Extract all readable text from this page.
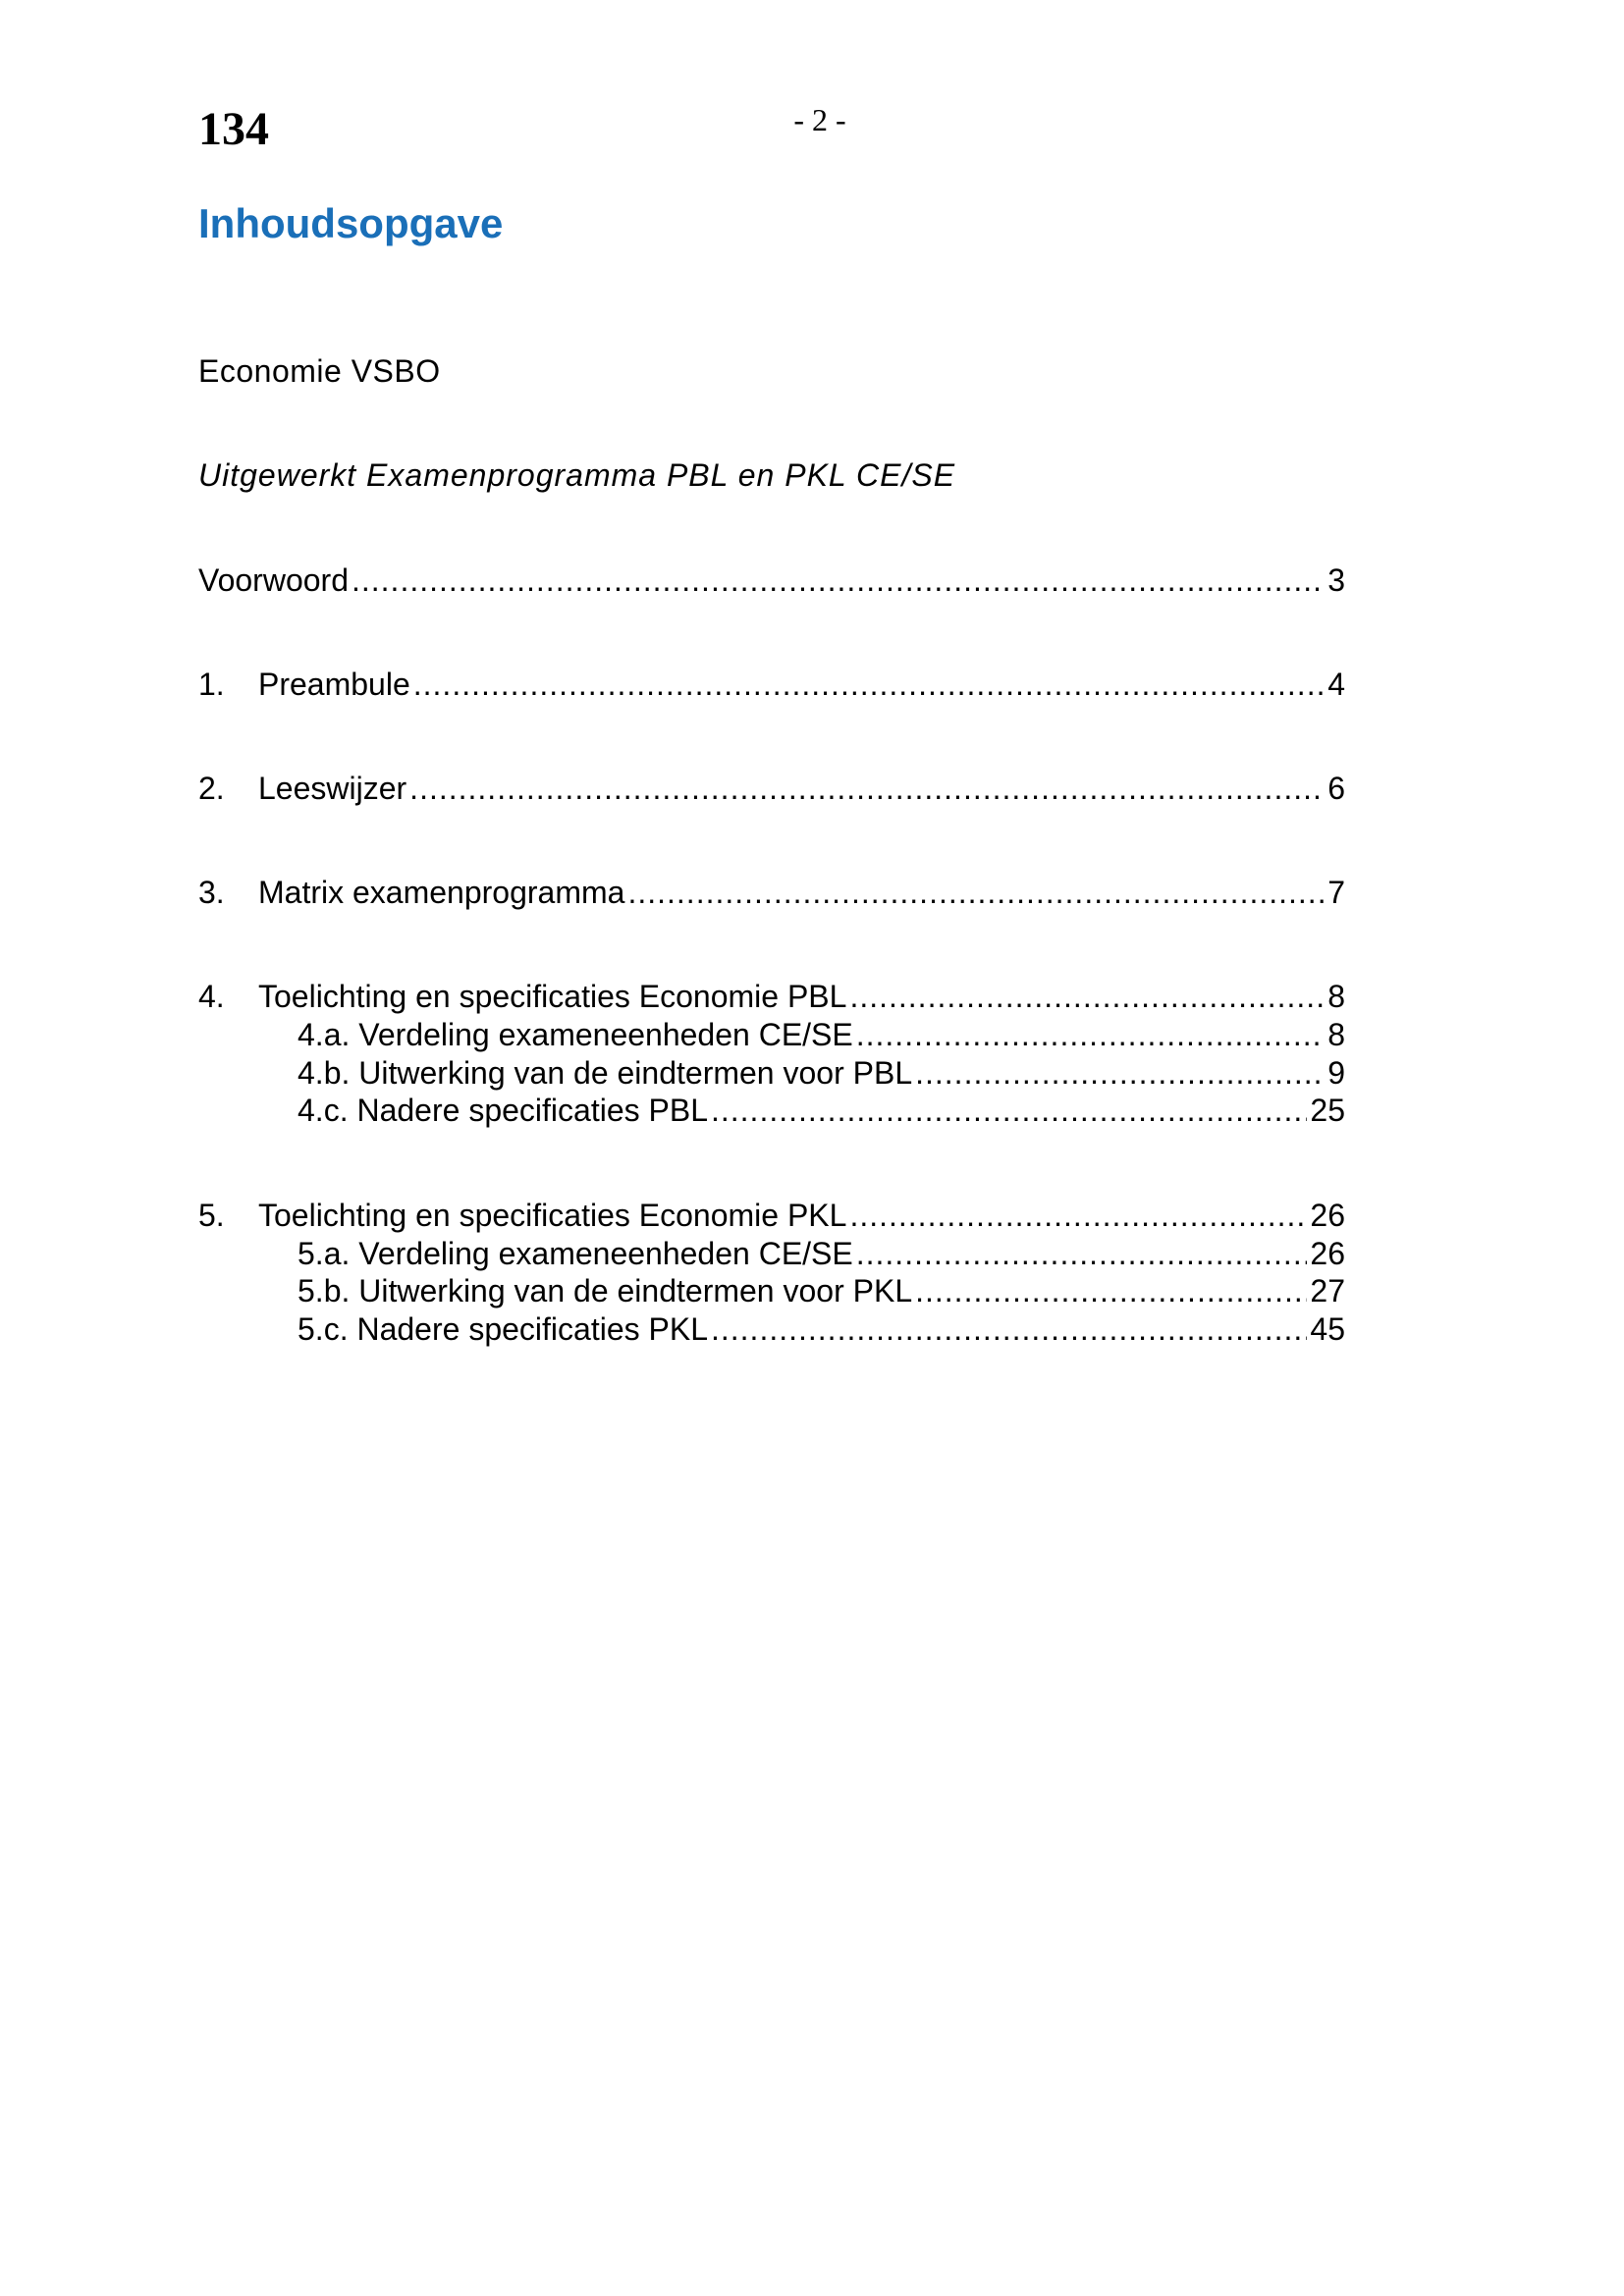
134	- 2 -
Inhoudsopgave
Economie VSBO
Uitgewerkt Examenprogramma PBL en PKL CE/SE
Voorwoord .....	3
1.	Preambule .....	4
2.	Leeswijzer .....	6
3.	Matrix examenprogramma .....	7
4.	Toelichting en specificaties Economie PBL .....	8
4.a. Verdeling exameneenheden CE/SE .....	8
4.b. Uitwerking van de eindtermen voor PBL .....	9
4.c. Nadere specificaties PBL .....	25
5.	Toelichting en specificaties Economie PKL .....	26
5.a. Verdeling exameneenheden CE/SE .....	26
5.b. Uitwerking van de eindtermen voor PKL .....	27
5.c. Nadere specificaties PKL .....	45
